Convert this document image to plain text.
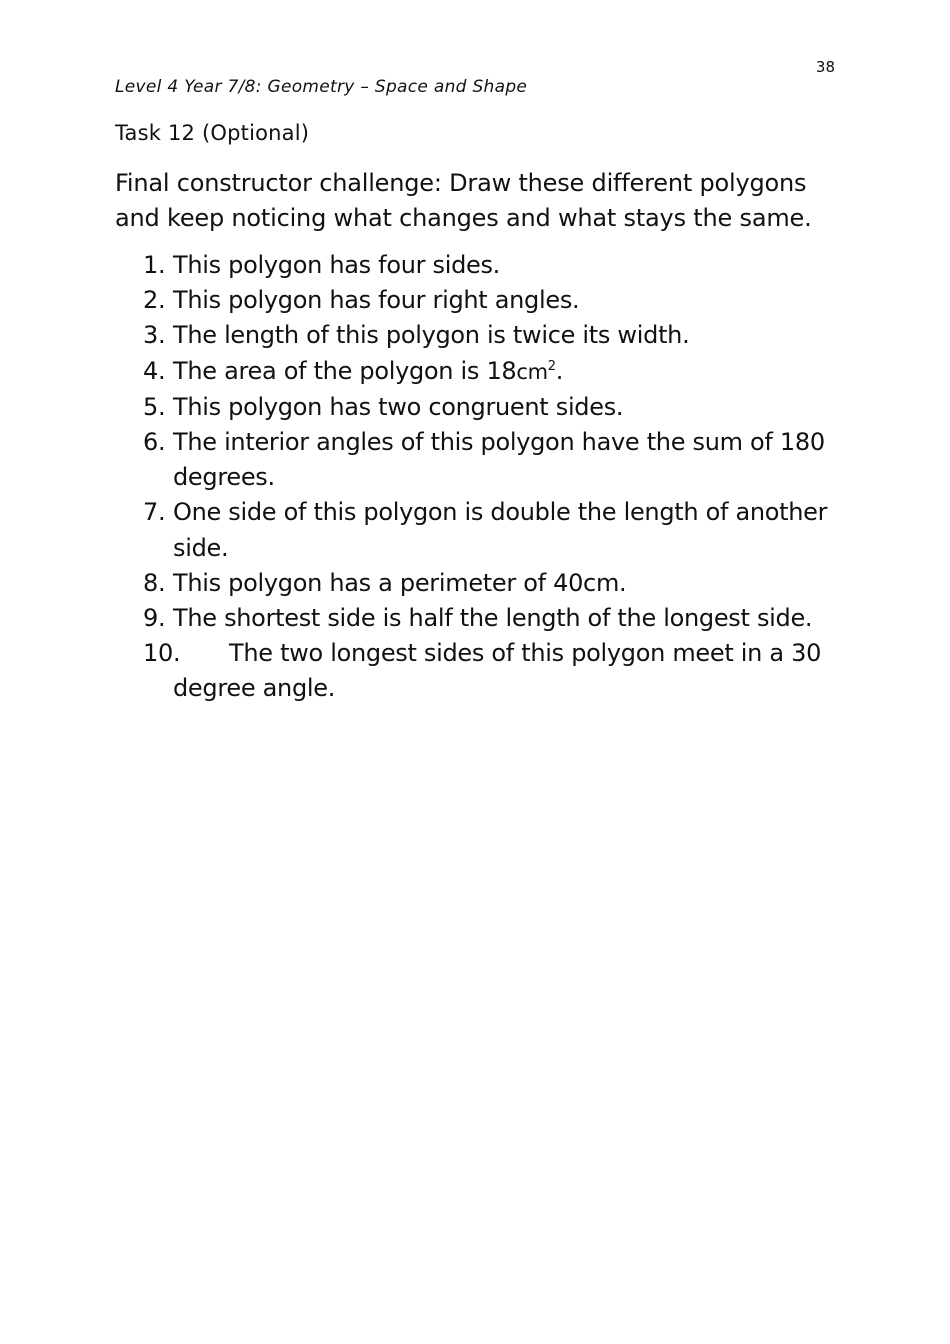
38
Level 4 Year 7/8: Geometry – Space and Shape
Task 12 (Optional)
Final constructor challenge: Draw these different polygons and keep noticing what changes and what stays the same.
1. This polygon has four sides.
2. This polygon has four right angles.
3. The length of this polygon is twice its width.
4. The area of the polygon is $18cm^2$.
5. This polygon has two congruent sides.
6. The interior angles of this polygon have the sum of 180 degrees.
7. One side of this polygon is double the length of another side.
8. This polygon has a perimeter of 40cm.
9. The shortest side is half the length of the longest side.
10. The two longest sides of this polygon meet in a 30 degree angle.
